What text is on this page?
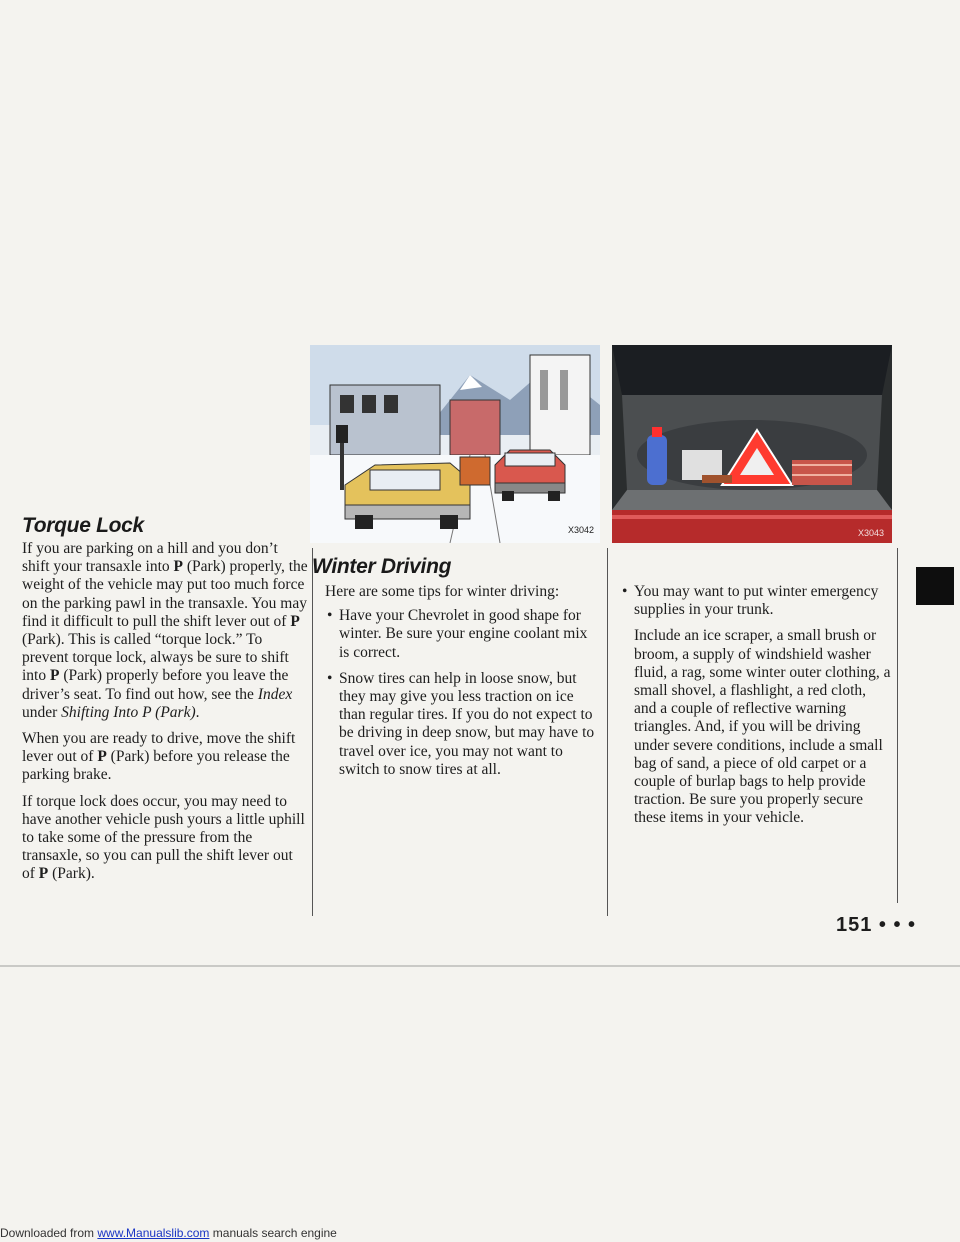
X3042	X3043
Torque Lock

If you are parking on a hill and you don’t shift your transaxle into P (Park) properly, the weight of the vehicle may put too much force on the parking pawl in the transaxle. You may find it difficult to pull the shift lever out of P (Park). This is called “torque lock.” To prevent torque lock, always be sure to shift into P (Park) properly before you leave the driver’s seat. To find out how, see the Index under Shifting Into P (Park).

When you are ready to drive, move the shift lever out of P (Park) before you release the parking brake.

If torque lock does occur, you may need to have another vehicle push yours a little uphill to take some of the pressure from the transaxle, so you can pull the shift lever out of P (Park).

Winter Driving

Here are some tips for winter driving:

• Have your Chevrolet in good shape for winter. Be sure your engine coolant mix is correct.

• Snow tires can help in loose snow, but they may give you less traction on ice than regular tires. If you do not expect to be driving in deep snow, but may have to travel over ice, you may not want to switch to snow tires at all.

• You may want to put winter emergency supplies in your trunk.

Include an ice scraper, a small brush or broom, a supply of windshield washer fluid, a rag, some winter outer clothing, a small shovel, a flashlight, a red cloth, and a couple of reflective warning triangles. And, if you will be driving under severe conditions, include a small bag of sand, a piece of old carpet or a couple of burlap bags to help provide traction. Be sure you properly secure these items in your vehicle.

151 • • •
Downloaded from www.Manualslib.com manuals search engine
